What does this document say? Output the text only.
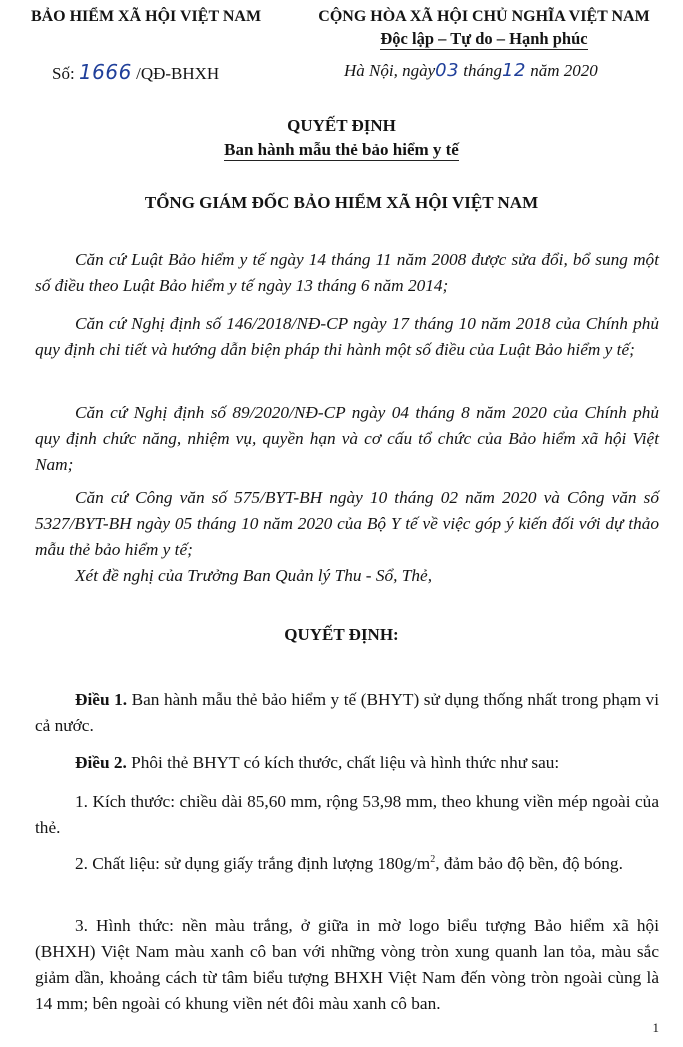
BẢO HIỂM XÃ HỘI VIỆT NAM	CỘNG HÒA XÃ HỘI CHỦ NGHĨA VIỆT NAM
Độc lập – Tự do – Hạnh phúc
Số: 1666 /QĐ-BHXH	Hà Nội, ngày03 tháng12 năm 2020
QUYẾT ĐỊNH
Ban hành mẫu thẻ bảo hiểm y tế
TỔNG GIÁM ĐỐC BẢO HIỂM XÃ HỘI VIỆT NAM
Căn cứ Luật Bảo hiểm y tế ngày 14 tháng 11 năm 2008 được sửa đổi, bổ sung một số điều theo Luật Bảo hiểm y tế ngày 13 tháng 6 năm 2014;
Căn cứ Nghị định số 146/2018/NĐ-CP ngày 17 tháng 10 năm 2018 của Chính phủ quy định chi tiết và hướng dẫn biện pháp thi hành một số điều của Luật Bảo hiểm y tế;
Căn cứ Nghị định số 89/2020/NĐ-CP ngày 04 tháng 8 năm 2020 của Chính phủ quy định chức năng, nhiệm vụ, quyền hạn và cơ cấu tổ chức của Bảo hiểm xã hội Việt Nam;
Căn cứ Công văn số 575/BYT-BH ngày 10 tháng 02 năm 2020 và Công văn số 5327/BYT-BH ngày 05 tháng 10 năm 2020 của Bộ Y tế về việc góp ý kiến đối với dự thảo mẫu thẻ bảo hiểm y tế;
Xét đề nghị của Trưởng Ban Quản lý Thu - Sổ, Thẻ,
QUYẾT ĐỊNH:
Điều 1. Ban hành mẫu thẻ bảo hiểm y tế (BHYT) sử dụng thống nhất trong phạm vi cả nước.
Điều 2. Phôi thẻ BHYT có kích thước, chất liệu và hình thức như sau:
1. Kích thước: chiều dài 85,60 mm, rộng 53,98 mm, theo khung viền mép ngoài của thẻ.
2. Chất liệu: sử dụng giấy trắng định lượng $180g/m^2$, đảm bảo độ bền, độ bóng.
3. Hình thức: nền màu trắng, ở giữa in mờ logo biểu tượng Bảo hiểm xã hội (BHXH) Việt Nam màu xanh cô ban với những vòng tròn xung quanh lan tỏa, màu sắc giảm dần, khoảng cách từ tâm biểu tượng BHXH Việt Nam đến vòng tròn ngoài cùng là 14 mm; bên ngoài có khung viền nét đôi màu xanh cô ban.
1
